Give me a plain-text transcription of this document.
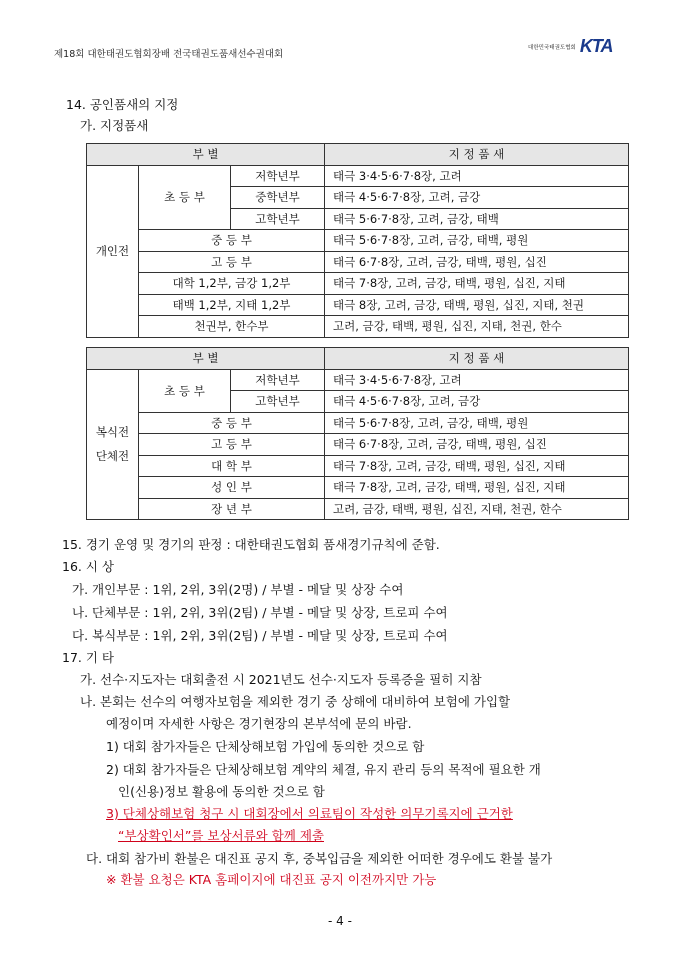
제18회 대한태권도협회장배 전국태권도품새선수권대회
대한민국태권도협회 KTA
14. 공인품새의 지정
가. 지정품새
부 별			지 정 품 새
개인전	초 등 부	저학년부	태극 3·4·5·6·7·8장, 고려
		중학년부	태극 4·5·6·7·8장, 고려, 금강
		고학년부	태극 5·6·7·8장, 고려, 금강, 태백
	중 등 부		태극 5·6·7·8장, 고려, 금강, 태백, 평원
	고 등 부		태극 6·7·8장, 고려, 금강, 태백, 평원, 십진
	대학 1,2부, 금강 1,2부		태극 7·8장, 고려, 금강, 태백, 평원, 십진, 지태
	태백 1,2부, 지태 1,2부		태극 8장, 고려, 금강, 태백, 평원, 십진, 지태, 천권
	천권부, 한수부		고려, 금강, 태백, 평원, 십진, 지태, 천권, 한수
부 별			지 정 품 새

복식전
단체전	초 등 부	저학년부	태극 3·4·5·6·7·8장, 고려
		고학년부	태극 4·5·6·7·8장, 고려, 금강
	중 등 부		태극 5·6·7·8장, 고려, 금강, 태백, 평원
	고 등 부		태극 6·7·8장, 고려, 금강, 태백, 평원, 십진
	대 학 부		태극 7·8장, 고려, 금강, 태백, 평원, 십진, 지태
	성 인 부		태극 7·8장, 고려, 금강, 태백, 평원, 십진, 지태
	장 년 부		고려, 금강, 태백, 평원, 십진, 지태, 천권, 한수
15. 경기 운영 및 경기의 판정 : 대한태권도협회 품새경기규칙에 준함.
16. 시 상
가. 개인부문 : 1위, 2위, 3위(2명) / 부별 - 메달 및 상장 수여
나. 단체부문 : 1위, 2위, 3위(2팀) / 부별 - 메달 및 상장, 트로피 수여
다. 복식부문 : 1위, 2위, 3위(2팀) / 부별 - 메달 및 상장, 트로피 수여
17. 기 타
가. 선수·지도자는 대회출전 시 2021년도 선수·지도자 등록증을 필히 지참
나. 본회는 선수의 여행자보험을 제외한 경기 중 상해에 대비하여 보험에 가입할
예정이며 자세한 사항은 경기현장의 본부석에 문의 바람.
1) 대회 참가자들은 단체상해보험 가입에 동의한 것으로 함
2) 대회 참가자들은 단체상해보험 계약의 체결, 유지 관리 등의 목적에 필요한 개
인(신용)정보 활용에 동의한 것으로 함
3) 단체상해보험 청구 시 대회장에서 의료팀이 작성한 의무기록지에 근거한
“부상확인서”를 보상서류와 함께 제출
다. 대회 참가비 환불은 대진표 공지 후, 중복입금을 제외한 어떠한 경우에도 환불 불가
※ 환불 요청은 KTA 홈페이지에 대진표 공지 이전까지만 가능
- 4 -
